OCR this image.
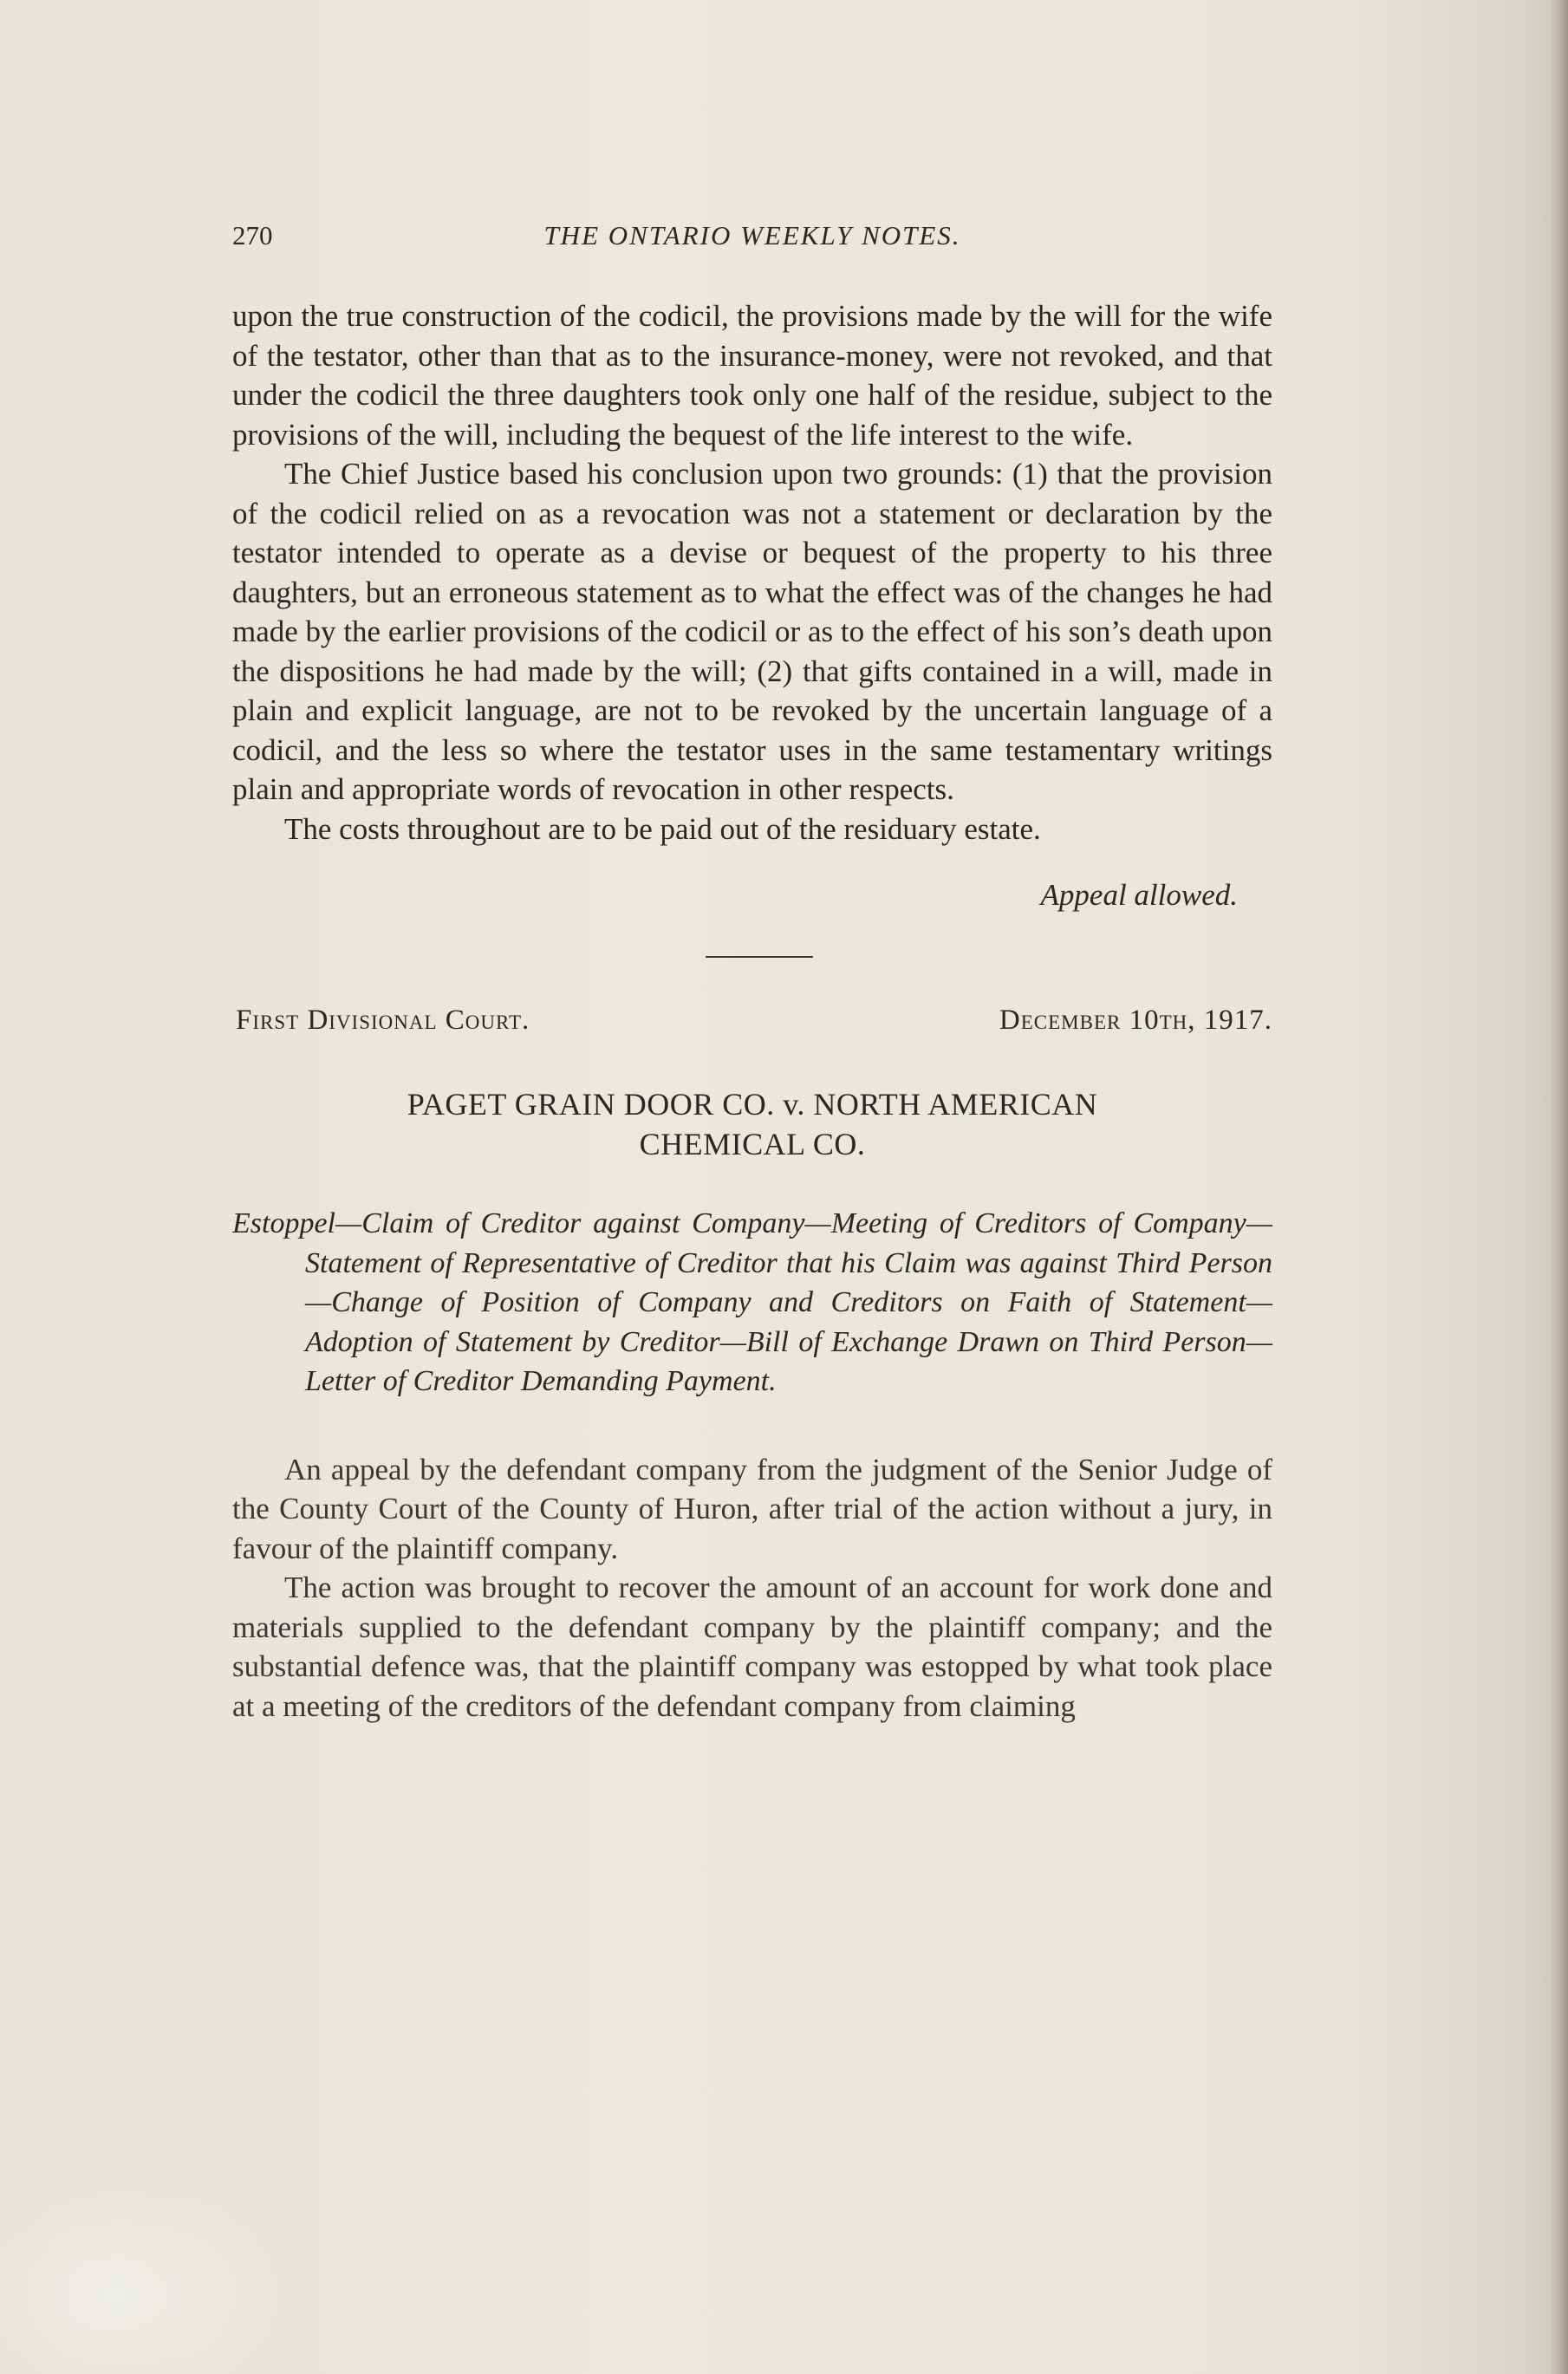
270	THE ONTARIO WEEKLY NOTES.

upon the true construction of the codicil, the provisions made by the will for the wife of the testator, other than that as to the insurance-money, were not revoked, and that under the codicil the three daughters took only one half of the residue, subject to the provisions of the will, including the bequest of the life interest to the wife.

The Chief Justice based his conclusion upon two grounds: (1) that the provision of the codicil relied on as a revocation was not a statement or declaration by the testator intended to operate as a devise or bequest of the property to his three daughters, but an erroneous statement as to what the effect was of the changes he had made by the earlier provisions of the codicil or as to the effect of his son’s death upon the dispositions he had made by the will; (2) that gifts contained in a will, made in plain and explicit language, are not to be revoked by the uncertain language of a codicil, and the less so where the testator uses in the same testamentary writings plain and appropriate words of revocation in other respects.

The costs throughout are to be paid out of the residuary estate.

Appeal allowed.
First Divisional Court.	December 10th, 1917.
PAGET GRAIN DOOR CO. v. NORTH AMERICAN
CHEMICAL CO.

Estoppel—Claim of Creditor against Company—Meeting of Creditors of Company—Statement of Representative of Creditor that his Claim was against Third Person—Change of Position of Company and Creditors on Faith of Statement—Adoption of Statement by Creditor—Bill of Exchange Drawn on Third Person—Letter of Creditor Demanding Payment.

An appeal by the defendant company from the judgment of the Senior Judge of the County Court of the County of Huron, after trial of the action without a jury, in favour of the plaintiff company.

The action was brought to recover the amount of an account for work done and materials supplied to the defendant company by the plaintiff company; and the substantial defence was, that the plaintiff company was estopped by what took place at a meeting of the creditors of the defendant company from claiming
